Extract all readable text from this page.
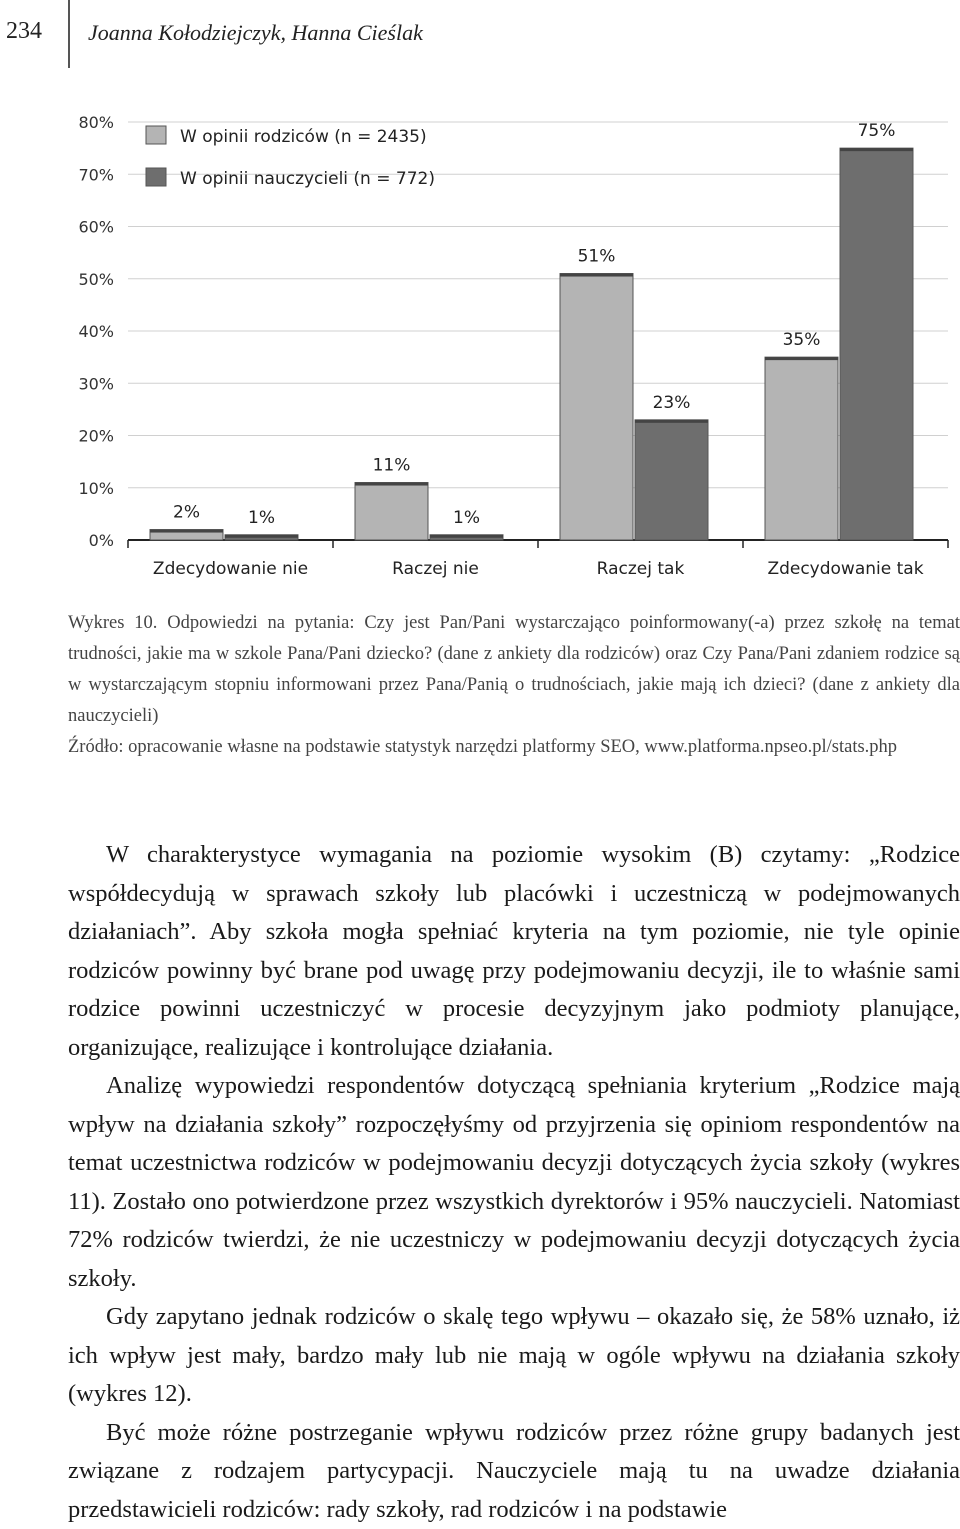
234 Joanna Kołodziejczyk, Hanna Cieślak
0%
10%
20%
30%
40%
50%
60%
70%
80%
Zdecydowanie nie	Raczej nie	Raczej tak	Zdecydowanie tak
2%
11%
51%
35%
1%	1%
23%
75%
W opinii rodziców (n = 2435)
W opinii nauczycieli (n = 772)

Wykres 10. Odpowiedzi na pytania: Czy jest Pan/Pani wystarczająco poinformowany(-a) przez szkołę na temat trudności, jakie ma w szkole Pana/Pani dziecko? (dane z ankiety dla rodziców) oraz Czy Pana/Pani zdaniem rodzice są w wystarczającym stopniu informowani przez Pana/Panią o trudnościach, jakie mają ich dzieci? (dane z ankiety dla nauczycieli)

Źródło: opracowanie własne na podstawie statystyk narzędzi platformy SEO, www.platforma.npseo.pl/stats.php

W charakterystyce wymagania na poziomie wysokim (B) czytamy: „Rodzice współdecydują w sprawach szkoły lub placówki i uczestniczą w podejmowanych działaniach”. Aby szkoła mogła spełniać kryteria na tym poziomie, nie tyle opinie rodziców powinny być brane pod uwagę przy podejmowaniu decyzji, ile to właśnie sami rodzice powinni uczestniczyć w procesie decyzyjnym jako podmioty planujące, organizujące, realizujące i kontrolujące działania.

Analizę wypowiedzi respondentów dotyczącą spełniania kryterium „Rodzice mają wpływ na działania szkoły” rozpoczęłyśmy od przyjrzenia się opiniom respondentów na temat uczestnictwa rodziców w podejmowaniu decyzji dotyczących życia szkoły (wykres 11). Zostało ono potwierdzone przez wszystkich dyrektorów i 95% nauczycieli. Natomiast 72% rodziców twierdzi, że nie uczestniczy w podejmowaniu decyzji dotyczących życia szkoły.

Gdy zapytano jednak rodziców o skalę tego wpływu – okazało się, że 58% uznało, iż ich wpływ jest mały, bardzo mały lub nie mają w ogóle wpływu na działania szkoły (wykres 12).

Być może różne postrzeganie wpływu rodziców przez różne grupy badanych jest związane z rodzajem partycypacji. Nauczyciele mają tu na uwadze działania przedstawicieli rodziców: rady szkoły, rad rodziców i na podstawie
